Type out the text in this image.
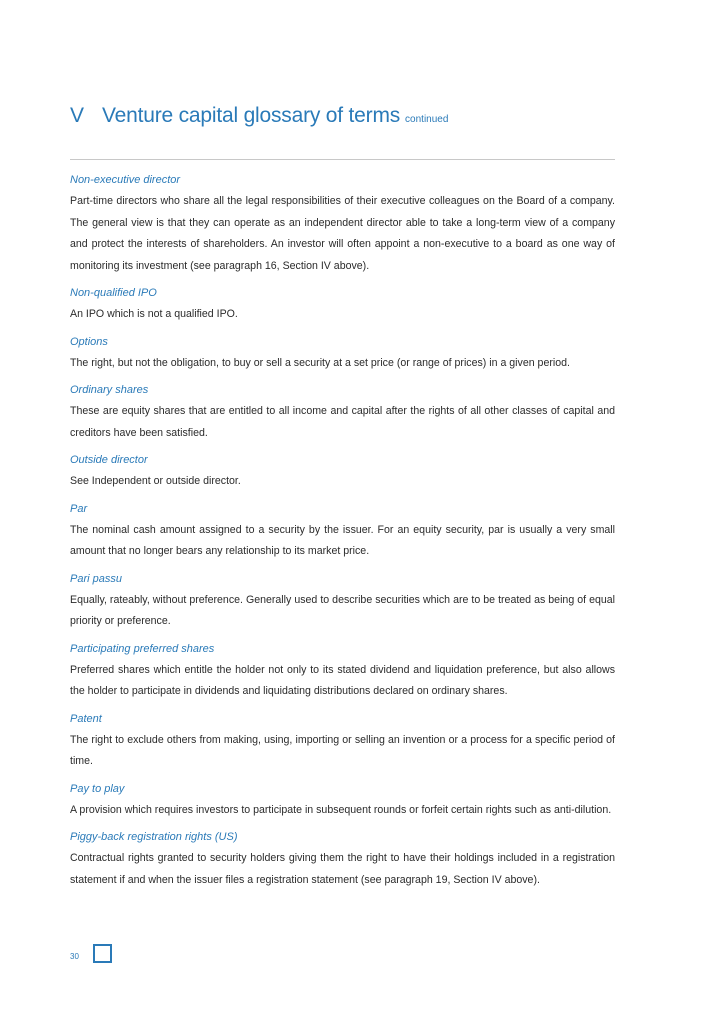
V Venture capital glossary of terms continued
Non-executive director
Part-time directors who share all the legal responsibilities of their executive colleagues on the Board of a company. The general view is that they can operate as an independent director able to take a long-term view of a company and protect the interests of shareholders. An investor will often appoint a non-executive to a board as one way of monitoring its investment (see paragraph 16, Section IV above).
Non-qualified IPO
An IPO which is not a qualified IPO.
Options
The right, but not the obligation, to buy or sell a security at a set price (or range of prices) in a given period.
Ordinary shares
These are equity shares that are entitled to all income and capital after the rights of all other classes of capital and creditors have been satisfied.
Outside director
See Independent or outside director.
Par
The nominal cash amount assigned to a security by the issuer. For an equity security, par is usually a very small amount that no longer bears any relationship to its market price.
Pari passu
Equally, rateably, without preference. Generally used to describe securities which are to be treated as being of equal priority or preference.
Participating preferred shares
Preferred shares which entitle the holder not only to its stated dividend and liquidation preference, but also allows the holder to participate in dividends and liquidating distributions declared on ordinary shares.
Patent
The right to exclude others from making, using, importing or selling an invention or a process for a specific period of time.
Pay to play
A provision which requires investors to participate in subsequent rounds or forfeit certain rights such as anti-dilution.
Piggy-back registration rights (US)
Contractual rights granted to security holders giving them the right to have their holdings included in a registration statement if and when the issuer files a registration statement (see paragraph 19, Section IV above).
30
